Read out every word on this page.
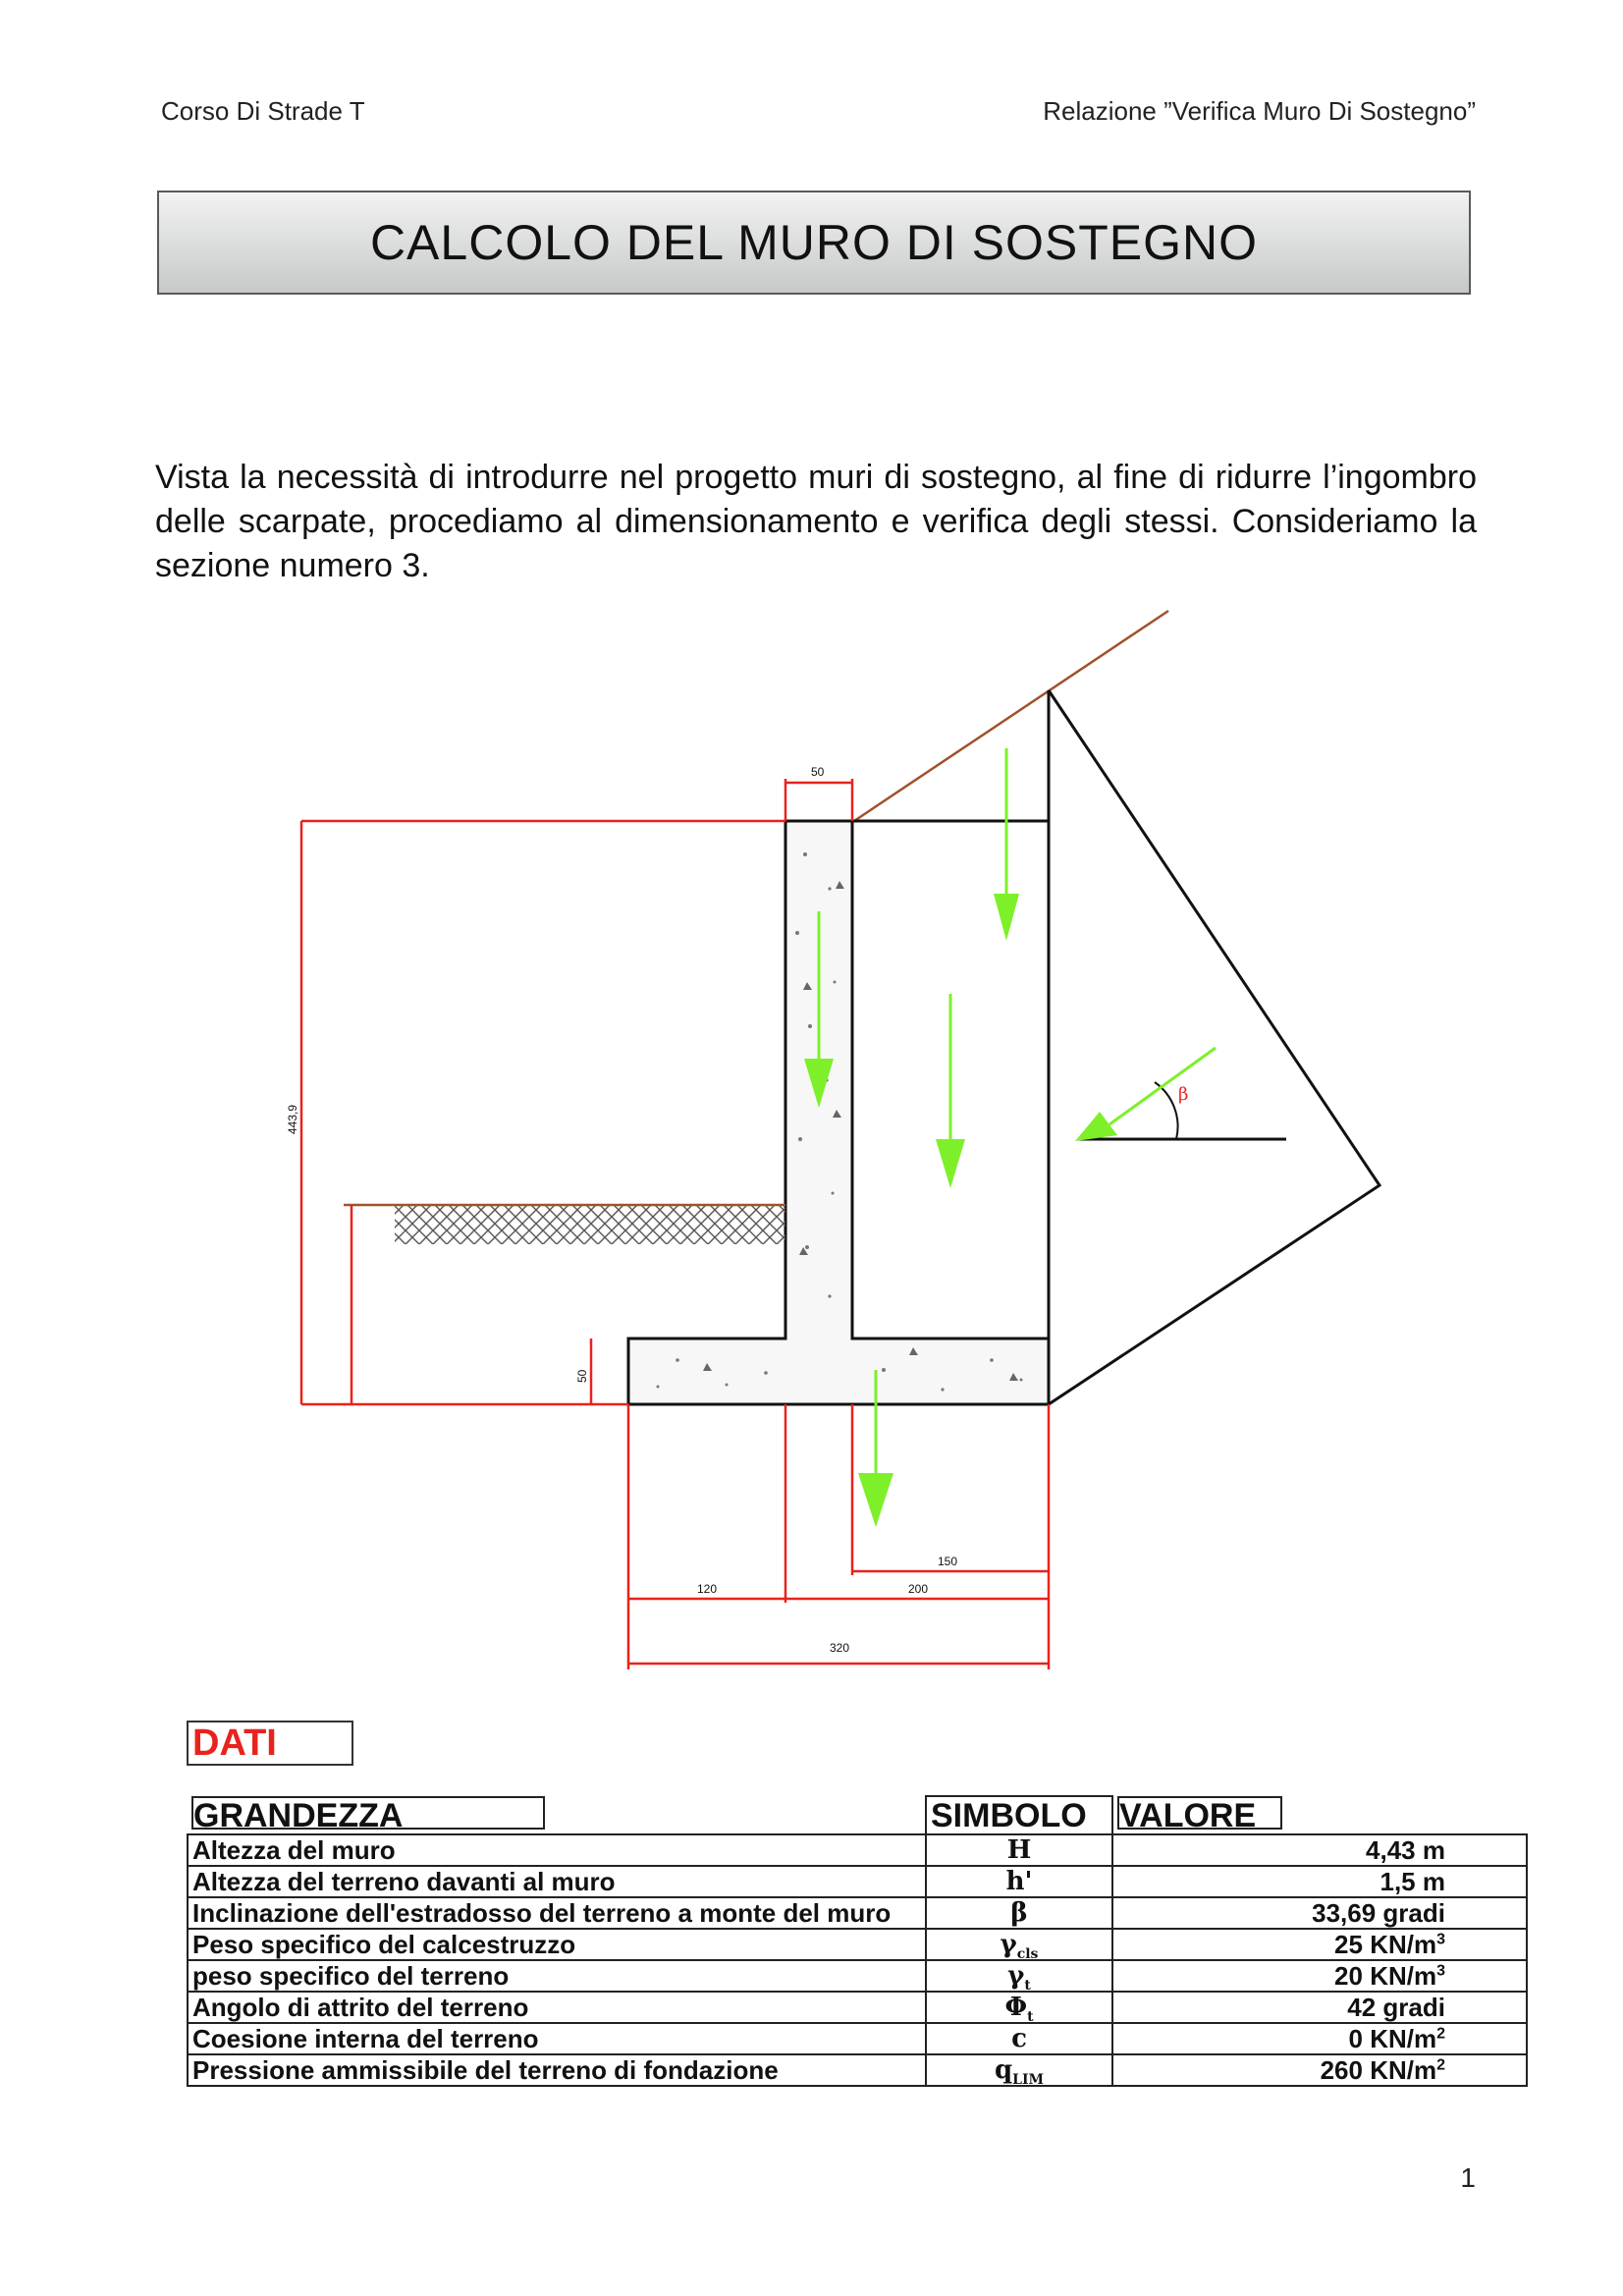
Corso Di Strade T	Relazione ”Verifica Muro Di Sostegno”
CALCOLO DEL MURO DI SOSTEGNO

Vista la necessità di introdurre nel progetto muri di sostegno, al fine di ridurre l’ingombro delle scarpate, procediamo al dimensionamento e verifica degli stessi. Consideriamo la sezione numero 3.

β
50
443,9
50
150
120	200
320
DATI
GRANDEZZA	SIMBOLO	VALORE
Altezza del muro	H	4,43 m
Altezza del terreno davanti al muro	h'	1,5 m
Inclinazione dell'estradosso del terreno a monte del muro	β	33,69 gradi
Peso specifico del calcestruzzo	$\gamma_{cls}$	25 $KN/m^3$
peso specifico del terreno	$\gamma_t$	20 $KN/m^3$
Angolo di attrito del terreno	$\Phi_t$	42 gradi
Coesione interna del terreno	c	0 $KN/m^2$
Pressione ammissibile del terreno di fondazione	$q_{LIM}$	260 $KN/m^2$
1
